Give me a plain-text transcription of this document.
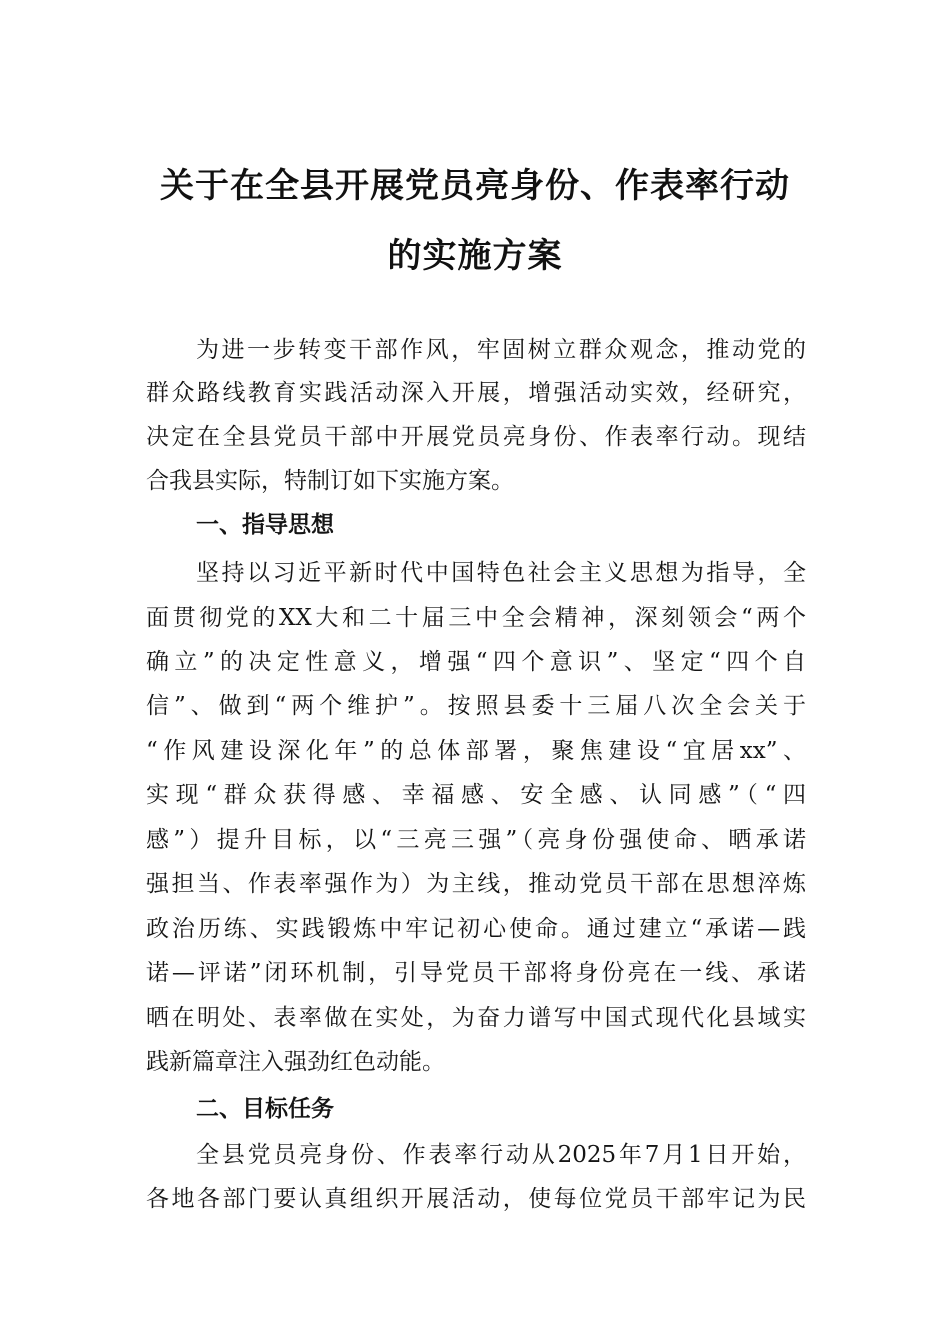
关于在全县开展党员亮身份、作表率行动
的实施方案
为进一步转变干部作风，牢固树立群众观念，推动党的
群众路线教育实践活动深入开展，增强活动实效，经研究，
决定在全县党员干部中开展党员亮身份、作表率行动。现结
合我县实际，特制订如下实施方案。
一、指导思想
坚持以习近平新时代中国特色社会主义思想为指导，全
面贯彻党的XX大和二十届三中全会精神，深刻领会“两个
确立”的决定性意义，增强“四个意识”、坚定“四个自
信”、做到“两个维护”。按照县委十三届八次全会关于
“作风建设深化年”的总体部署，聚焦建设“宜居xx”、
实现“群众获得感、幸福感、安全感、认同感”（“四
感”）提升目标，以“三亮三强”（亮身份强使命、晒承诺
强担当、作表率强作为）为主线，推动党员干部在思想淬炼
政治历练、实践锻炼中牢记初心使命。通过建立“承诺—践
诺—评诺”闭环机制，引导党员干部将身份亮在一线、承诺
晒在明处、表率做在实处，为奋力谱写中国式现代化县域实
践新篇章注入强劲红色动能。
二、目标任务
全县党员亮身份、作表率行动从2025年7月1日开始，
各地各部门要认真组织开展活动，使每位党员干部牢记为民
